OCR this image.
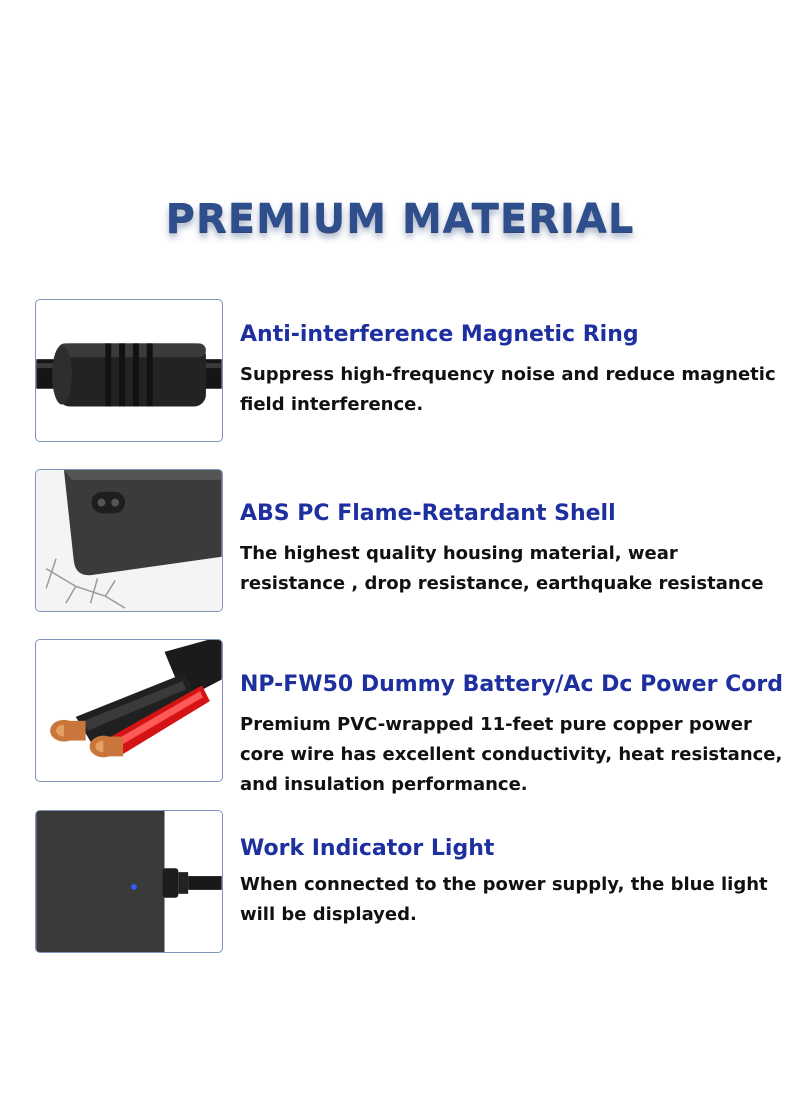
PREMIUM MATERIAL
Anti-interference Magnetic Ring
Suppress high-frequency noise and reduce magnetic field interference.
ABS PC Flame-Retardant Shell
The highest quality housing material, wear resistance , drop resistance, earthquake resistance
NP-FW50 Dummy Battery/Ac Dc Power Cord
Premium PVC-wrapped 11-feet pure copper power core wire has excellent conductivity, heat resistance, and insulation performance.
Work Indicator Light
When connected to the power supply, the blue light will be displayed.
